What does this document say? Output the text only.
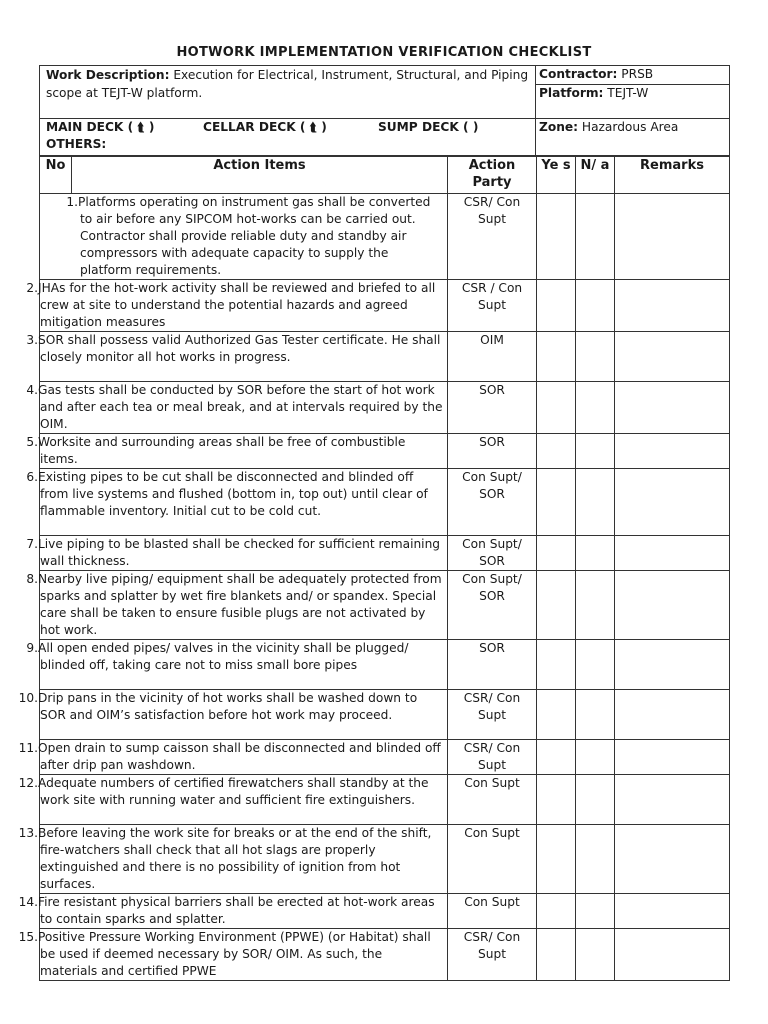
HOTWORK IMPLEMENTATION VERIFICATION CHECKLIST
Work Description: Execution for Electrical, Instrument, Structural, and Piping scope at TEJT-W platform.	Contractor: PRSB
	Platform: TEJT-W

MAIN DECK ( ⮬ ) CELLAR DECK ( ⮬ ) SUMP DECK ( )
OTHERS:	Zone: Hazardous Area
No	Action Items	Action Party	Ye s	N/ a	Remarks
1.Platforms operating on instrument gas shall be converted to air before any SIPCOM hot-works can be carried out. Contractor shall provide reliable duty and standby air compressors with adequate capacity to supply the platform requirements.		CSR/ Con Supt			
2.JHAs for the hot-work activity shall be reviewed and briefed to all crew at site to understand the potential hazards and agreed mitigation measures		CSR / Con Supt			
3.SOR shall possess valid Authorized Gas Tester certificate. He shall closely monitor all hot works in progress.		OIM			
4.Gas tests shall be conducted by SOR before the start of hot work and after each tea or meal break, and at intervals required by the OIM.		SOR			
5.Worksite and surrounding areas shall be free of combustible items.		SOR			
6.Existing pipes to be cut shall be disconnected and blinded off from live systems and flushed (bottom in, top out) until clear of flammable inventory. Initial cut to be cold cut.		Con Supt/ SOR			
7.Live piping to be blasted shall be checked for sufficient remaining wall thickness.		Con Supt/ SOR			
8.Nearby live piping/ equipment shall be adequately protected from sparks and splatter by wet fire blankets and/ or spandex. Special care shall be taken to ensure fusible plugs are not activated by hot work.		Con Supt/ SOR			
9.All open ended pipes/ valves in the vicinity shall be plugged/ blinded off, taking care not to miss small bore pipes		SOR			
10.Drip pans in the vicinity of hot works shall be washed down to SOR and OIM’s satisfaction before hot work may proceed.		CSR/ Con Supt			
11.Open drain to sump caisson shall be disconnected and blinded off after drip pan washdown.		CSR/ Con Supt			
12.Adequate numbers of certified firewatchers shall standby at the work site with running water and sufficient fire extinguishers.		Con Supt			
13.Before leaving the work site for breaks or at the end of the shift, fire-watchers shall check that all hot slags are properly extinguished and there is no possibility of ignition from hot surfaces.		Con Supt			
14.Fire resistant physical barriers shall be erected at hot-work areas to contain sparks and splatter.		Con Supt			
15.Positive Pressure Working Environment (PPWE) (or Habitat) shall be used if deemed necessary by SOR/ OIM. As such, the materials and certified PPWE		CSR/ Con Supt			
